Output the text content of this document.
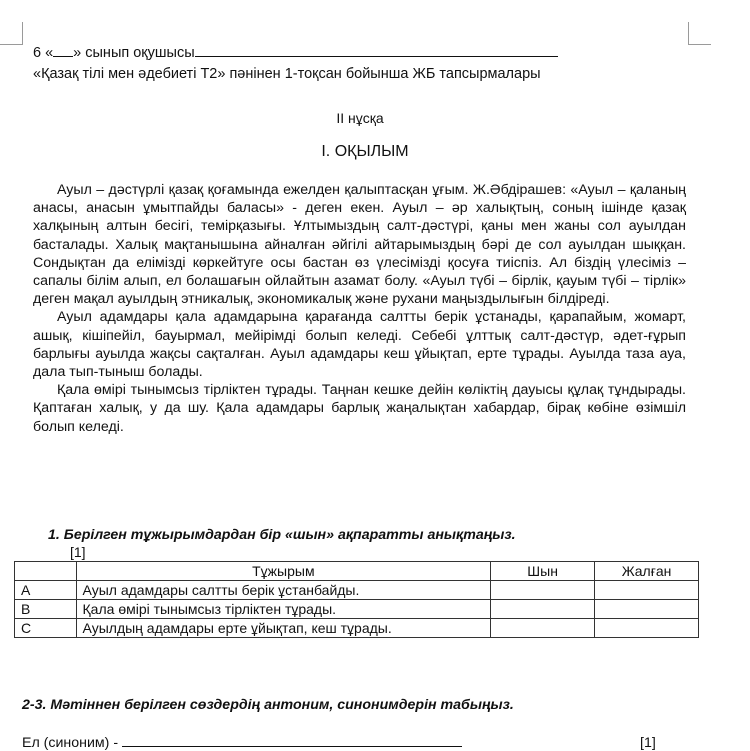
6 « » сынып оқушысы
«Қазақ тілі мен әдебиеті Т2» пәнінен 1-тоқсан бойынша ЖБ тапсырмалары
II нұсқа
I. ОҚЫЛЫМ

Ауыл – дәстүрлі қазақ қоғамында ежелден қалыптасқан ұғым. Ж.Әбдірашев: «Ауыл – қаланың анасы, анасын ұмытпайды баласы» - деген екен. Ауыл – әр халықтың, соның ішінде қазақ халқының алтын бесігі, темірқазығы. Ұлтымыздың салт-дәстүрі, қаны мен жаны сол ауылдан басталады. Халық мақтанышына айналған әйгілі айтарымыздың бәрі де сол ауылдан шыққан. Сондықтан да елімізді көркейтуге осы бастан өз үлесімізді қосуға тиіспіз. Ал біздің үлесіміз – сапалы білім алып, ел болашағын ойлайтын азамат болу. «Ауыл түбі – бірлік, қауым түбі – тірлік» деген мақал ауылдың этникалық, экономикалық және рухани маңыздылығын білдіреді.

Ауыл адамдары қала адамдарына қарағанда салтты берік ұстанады, қарапайым, жомарт, ашық, кішіпейіл, бауырмал, мейірімді болып келеді. Себебі ұлттық салт-дәстүр, әдет-ғұрып барлығы ауылда жақсы сақталған. Ауыл адамдары кеш ұйықтап, ерте тұрады. Ауылда таза ауа, дала тып-тыныш болады.

Қала өмірі тынымсыз тірліктен тұрады. Таңнан кешке дейін көліктің дауысы құлақ тұндырады. Қаптаған халық, у да шу. Қала адамдары барлық жаңалықтан хабардар, бірақ көбіне өзімшіл болып келеді.

1. Берілген тұжырымдардан бір «шын» ақпаратты анықтаңыз.
[1]
	Тұжырым	Шын	Жалған
A	Ауыл адамдары салтты берік ұстанбайды.		
B	Қала өмірі тынымсыз тірліктен тұрады.		
C	Ауылдың адамдары ерте ұйықтап, кеш тұрады.		
2-3. Мәтіннен берілген сөздердің антоним, синонимдерін табыңыз.
Ел (синоним) -	[1]
